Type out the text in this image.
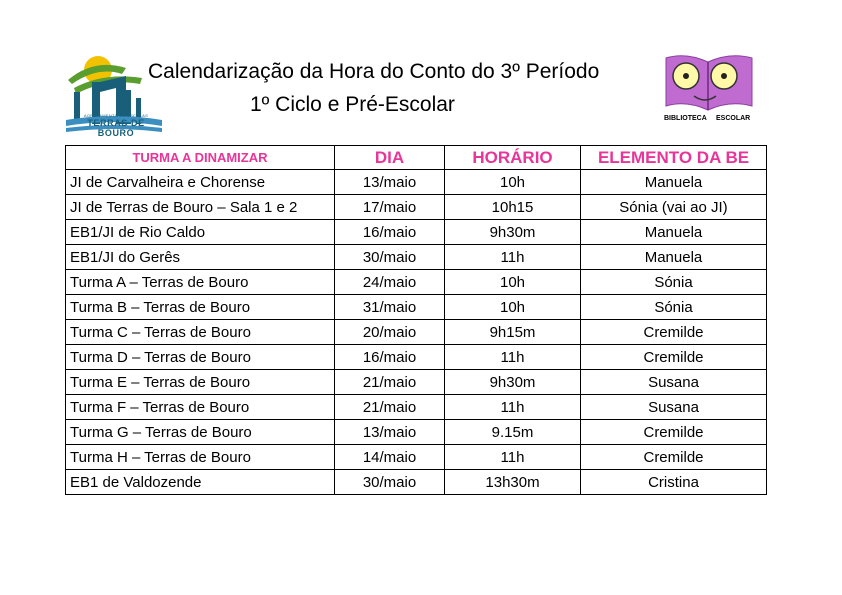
AGRUPAMENTO DE ESCOLAS
TERRAS DE BOURO
Calendarização da Hora do Conto do 3º Período
1º Ciclo e Pré-Escolar
BIBLIOTECA ESCOLAR
TURMA A DINAMIZAR	DIA	HORÁRIO	ELEMENTO DA BE
JI de Carvalheira e Chorense	13/maio	10h	Manuela
JI de Terras de Bouro – Sala 1 e 2	17/maio	10h15	Sónia (vai ao JI)
EB1/JI de Rio Caldo	16/maio	9h30m	Manuela
EB1/JI do Gerês	30/maio	11h	Manuela
Turma A – Terras de Bouro	24/maio	10h	Sónia
Turma B – Terras de Bouro	31/maio	10h	Sónia
Turma C – Terras de Bouro	20/maio	9h15m	Cremilde
Turma D – Terras de Bouro	16/maio	11h	Cremilde
Turma E – Terras de Bouro	21/maio	9h30m	Susana
Turma F – Terras de Bouro	21/maio	11h	Susana
Turma G – Terras de Bouro	13/maio	9.15m	Cremilde
Turma H – Terras de Bouro	14/maio	11h	Cremilde
EB1 de Valdozende	30/maio	13h30m	Cristina
